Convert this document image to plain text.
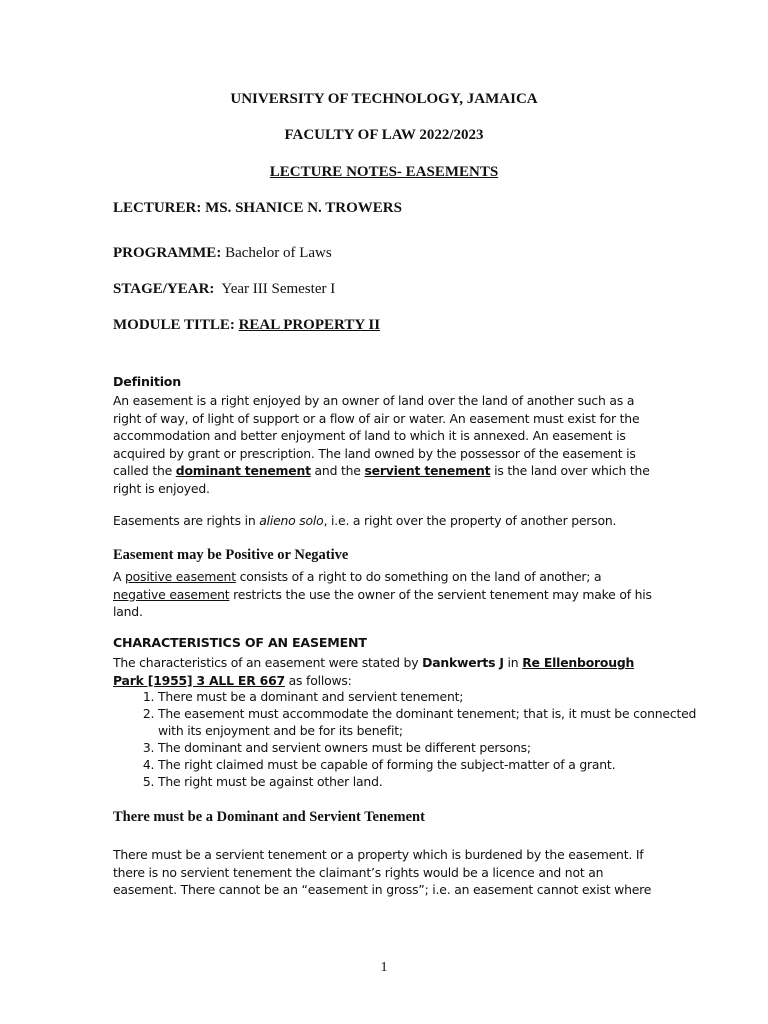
UNIVERSITY OF TECHNOLOGY, JAMAICA
FACULTY OF LAW 2022/2023
LECTURE NOTES- EASEMENTS
LECTURER: MS. SHANICE N. TROWERS
PROGRAMME: Bachelor of Laws
STAGE/YEAR: Year III Semester I
MODULE TITLE: REAL PROPERTY II
Definition
An easement is a right enjoyed by an owner of land over the land of another such as a
right of way, of light of support or a flow of air or water. An easement must exist for the
accommodation and better enjoyment of land to which it is annexed. An easement is
acquired by grant or prescription. The land owned by the possessor of the easement is
called the dominant tenement and the servient tenement is the land over which the
right is enjoyed.
Easements are rights in alieno solo, i.e. a right over the property of another person.
Easement may be Positive or Negative
A positive easement consists of a right to do something on the land of another; a
negative easement restricts the use the owner of the servient tenement may make of his
land.
CHARACTERISTICS OF AN EASEMENT
The characteristics of an easement were stated by Dankwerts J in Re Ellenborough
Park [1955] 3 ALL ER 667 as follows:
1. There must be a dominant and servient tenement;
2. The easement must accommodate the dominant tenement; that is, it must be connected with its enjoyment and be for its benefit;
3. The dominant and servient owners must be different persons;
4. The right claimed must be capable of forming the subject-matter of a grant.
5. The right must be against other land.
There must be a Dominant and Servient Tenement
There must be a servient tenement or a property which is burdened by the easement. If
there is no servient tenement the claimant’s rights would be a licence and not an
easement. There cannot be an “easement in gross”; i.e. an easement cannot exist where
1
